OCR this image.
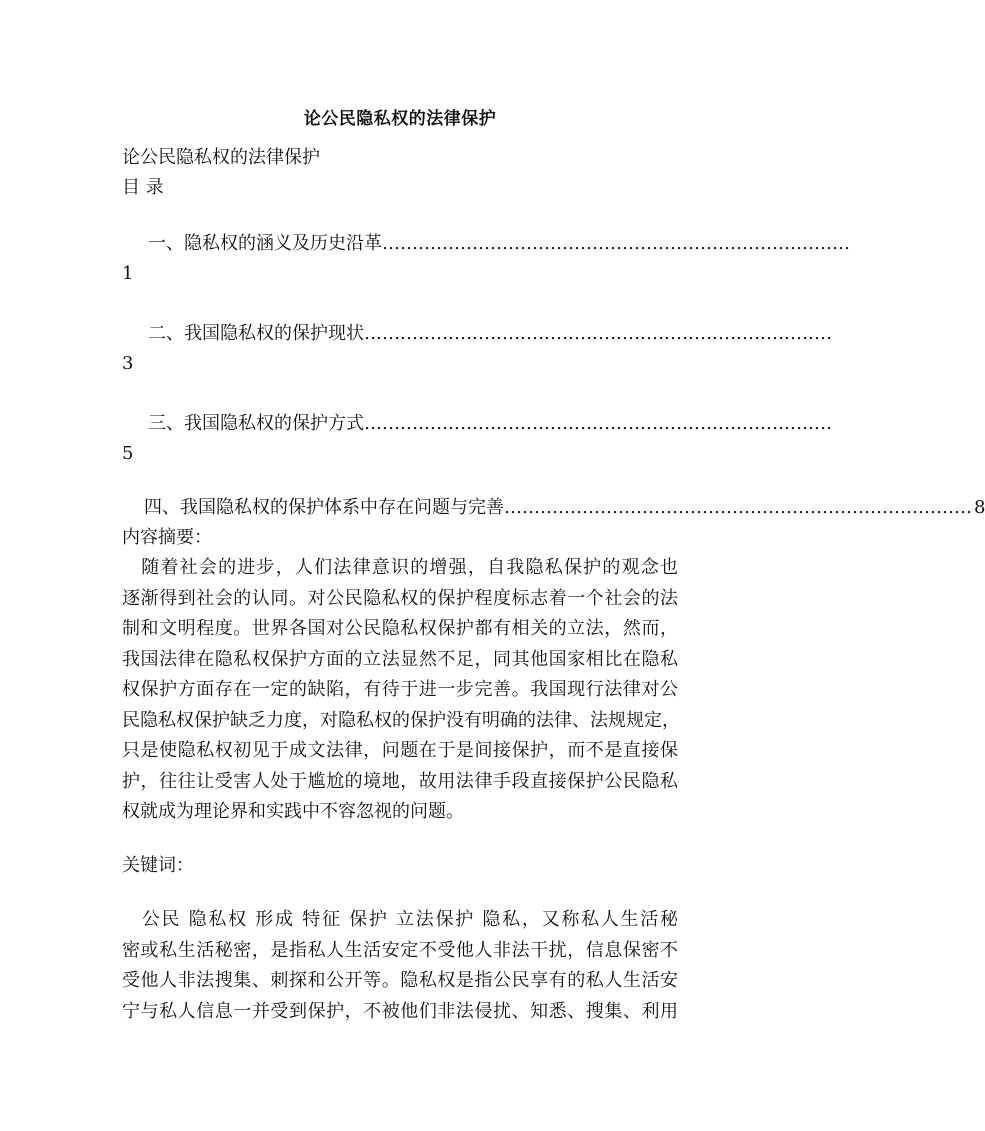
论公民隐私权的法律保护
论公民隐私权的法律保护
目 录
一、隐私权的涵义及历史沿革 ……………………………………………………………………
1
二、我国隐私权的保护现状 ……………………………………………………………………
3
三、我国隐私权的保护方式 ……………………………………………………………………
5
四、我国隐私权的保护体系中存在问题与完善 …………………………………………………………………… 8
内容摘要：
　随着社会的进步，人们法律意识的增强，自我隐私保护的观念也
逐渐得到社会的认同。对公民隐私权的保护程度标志着一个社会的法
制和文明程度。世界各国对公民隐私权保护都有相关的立法，然而，
我国法律在隐私权保护方面的立法显然不足，同其他国家相比在隐私
权保护方面存在一定的缺陷，有待于进一步完善。我国现行法律对公
民隐私权保护缺乏力度，对隐私权的保护没有明确的法律、法规规定，
只是使隐私权初见于成文法律，问题在于是间接保护，而不是直接保
护，往往让受害人处于尴尬的境地，故用法律手段直接保护公民隐私
权就成为理论界和实践中不容忽视的问题。
关键词：
　公民 隐私权 形成 特征 保护 立法保护 隐私，又称私人生活秘
密或私生活秘密，是指私人生活安定不受他人非法干扰，信息保密不
受他人非法搜集、刺探和公开等。隐私权是指公民享有的私人生活安
宁与私人信息一并受到保护，不被他们非法侵扰、知悉、搜集、利用
